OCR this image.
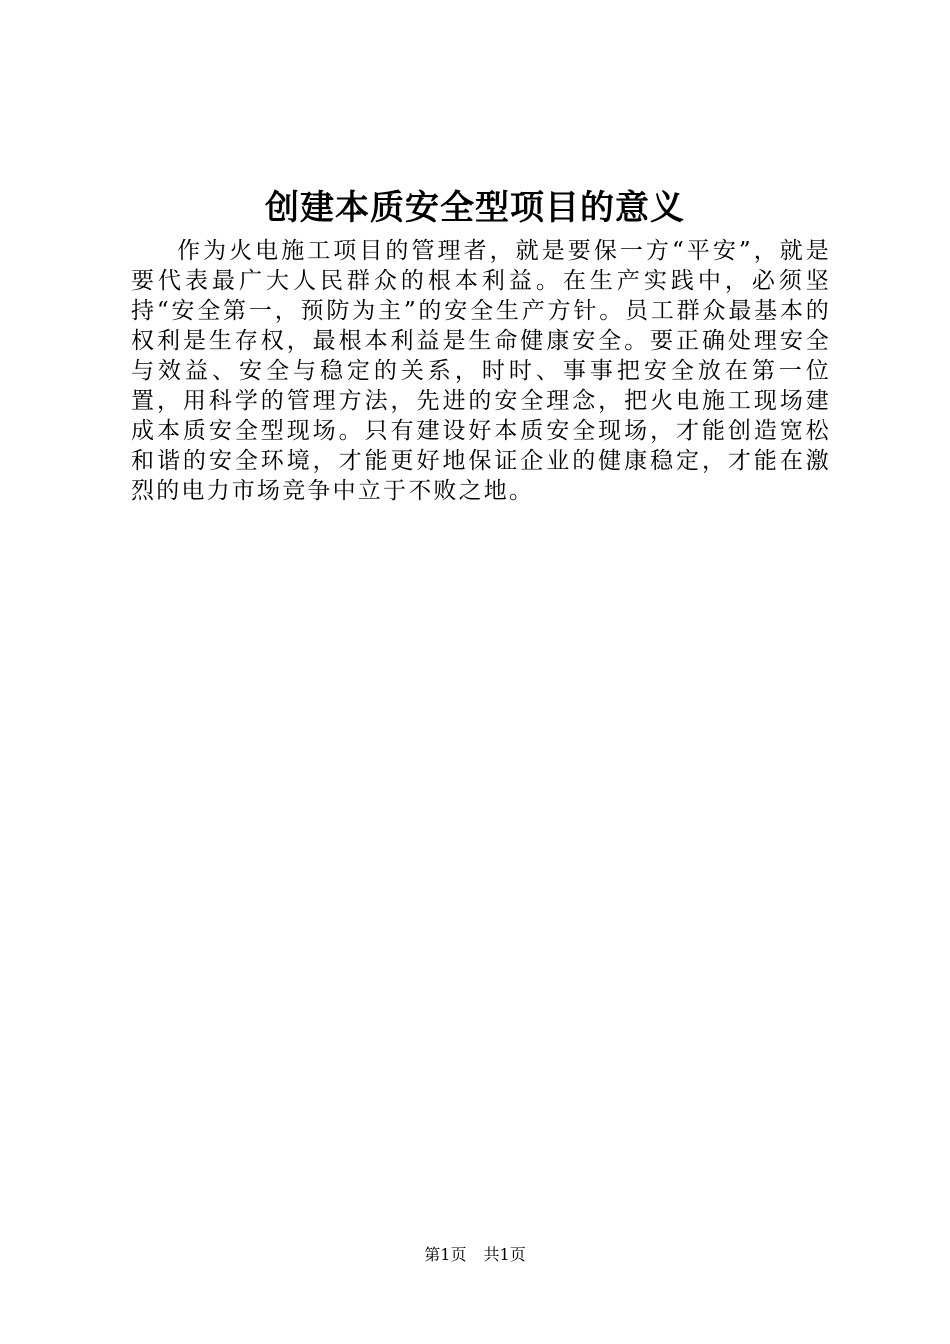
创建本质安全型项目的意义

作为火电施工项目的管理者，就是要保一方“平安”，就是要代表最广大人民群众的根本利益。在生产实践中，必须坚持“安全第一，预防为主”的安全生产方针。员工群众最基本的权利是生存权，最根本利益是生命健康安全。要正确处理安全与效益、安全与稳定的关系，时时、事事把安全放在第一位置，用科学的管理方法，先进的安全理念，把火电施工现场建成本质安全型现场。只有建设好本质安全现场，才能创造宽松和谐的安全环境，才能更好地保证企业的健康稳定，才能在激烈的电力市场竞争中立于不败之地。

第1页 共1页
